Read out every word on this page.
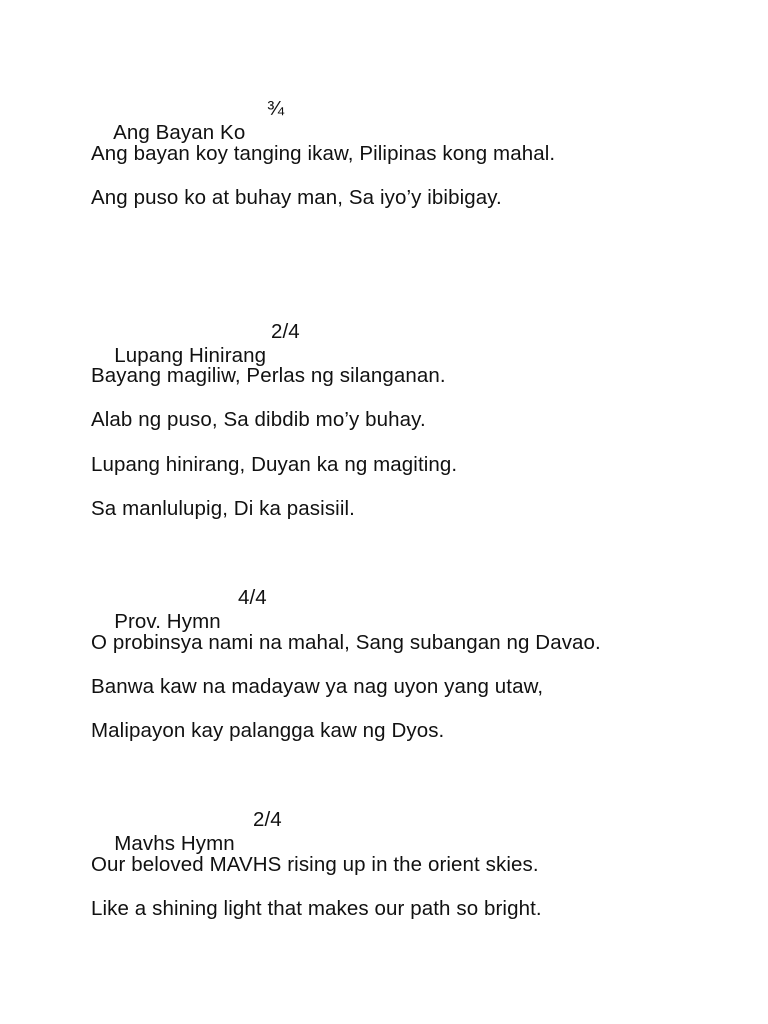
Ang Bayan Ko

¾

Ang bayan koy tanging ikaw, Pilipinas kong mahal.
Ang puso ko at buhay man, Sa iyo’y ibibigay.

Lupang Hinirang

2/4

Bayang magiliw, Perlas ng silanganan.
Alab ng puso, Sa dibdib mo’y buhay.
Lupang hinirang, Duyan ka ng magiting.
Sa manlulupig, Di ka pasisiil.

Prov. Hymn

4/4

O probinsya nami na mahal, Sang subangan ng Davao.
Banwa kaw na madayaw ya nag uyon yang utaw,
Malipayon kay palangga kaw ng Dyos.

Mavhs Hymn

2/4

Our beloved MAVHS rising up in the orient skies.
Like a shining light that makes our path so bright.
